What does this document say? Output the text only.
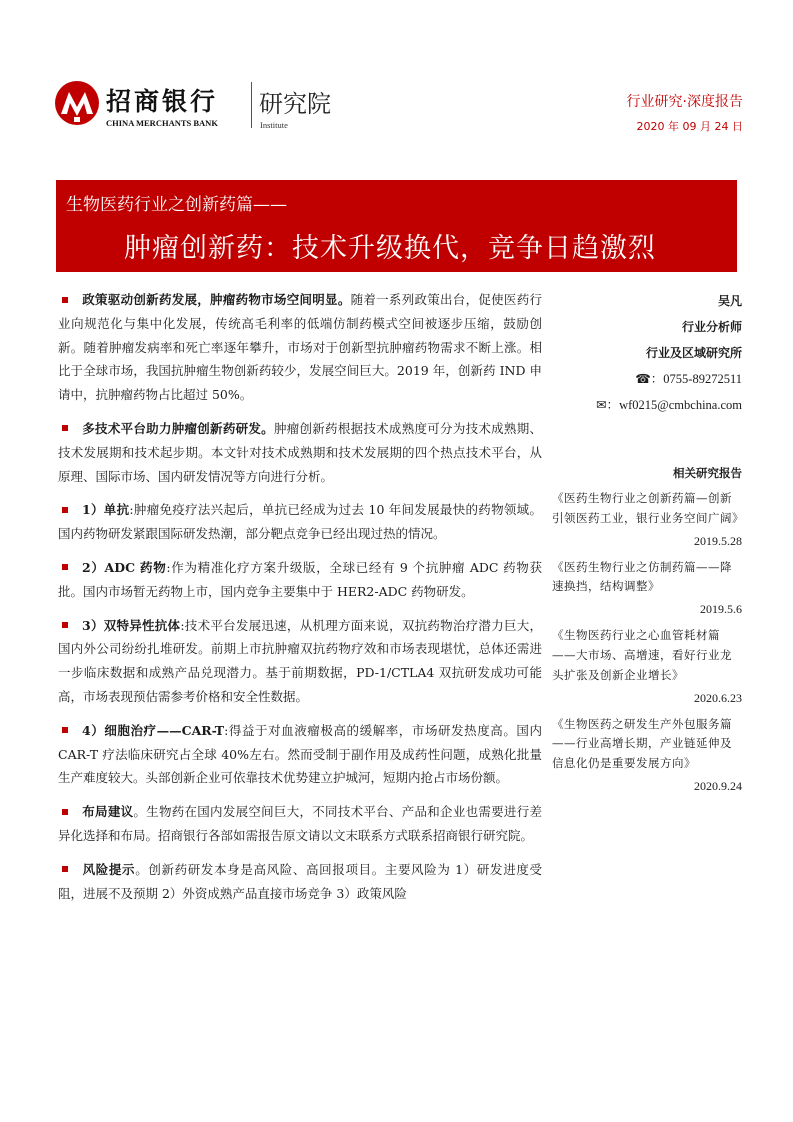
招商银行
CHINA MERCHANTS BANK
研究院
Institute
行业研究·深度报告
2020 年 09 月 24 日
生物医药行业之创新药篇——
肿瘤创新药：技术升级换代，竞争日趋激烈

政策驱动创新药发展，肿瘤药物市场空间明显。随着一系列政策出台，促使医药行业向规范化与集中化发展，传统高毛利率的低端仿制药模式空间被逐步压缩，鼓励创新。随着肿瘤发病率和死亡率逐年攀升，市场对于创新型抗肿瘤药物需求不断上涨。相比于全球市场，我国抗肿瘤生物创新药较少，发展空间巨大。2019 年，创新药 IND 申请中，抗肿瘤药物占比超过 50%。

多技术平台助力肿瘤创新药研发。肿瘤创新药根据技术成熟度可分为技术成熟期、技术发展期和技术起步期。本文针对技术成熟期和技术发展期的四个热点技术平台，从原理、国际市场、国内研发情况等方向进行分析。

1）单抗:肿瘤免疫疗法兴起后，单抗已经成为过去 10 年间发展最快的药物领域。国内药物研发紧跟国际研发热潮，部分靶点竞争已经出现过热的情况。

2）ADC 药物:作为精准化疗方案升级版，全球已经有 9 个抗肿瘤 ADC 药物获批。国内市场暂无药物上市，国内竞争主要集中于 HER2-ADC 药物研发。

3）双特异性抗体:技术平台发展迅速，从机理方面来说，双抗药物治疗潜力巨大，国内外公司纷纷扎堆研发。前期上市抗肿瘤双抗药物疗效和市场表现堪忧，总体还需进一步临床数据和成熟产品兑现潜力。基于前期数据，PD-1/CTLA4 双抗研发成功可能高，市场表现预估需参考价格和安全性数据。

4）细胞治疗——CAR-T:得益于对血液瘤极高的缓解率，市场研发热度高。国内 CAR-T 疗法临床研究占全球 40%左右。然而受制于副作用及成药性问题，成熟化批量生产难度较大。头部创新企业可依靠技术优势建立护城河，短期内抢占市场份额。

布局建议。生物药在国内发展空间巨大，不同技术平台、产品和企业也需要进行差异化选择和布局。招商银行各部如需报告原文请以文末联系方式联系招商银行研究院。

风险提示。创新药研发本身是高风险、高回报项目。主要风险为 1）研发进度受阻，进展不及预期 2）外资成熟产品直接市场竞争 3）政策风险

吴凡
行业分析师
行业及区域研究所
☎：0755-89272511
✉：wf0215@cmbchina.com
相关研究报告
《医药生物行业之创新药篇—创新引领医药工业，银行业务空间广阔》
2019.5.28
《医药生物行业之仿制药篇——降速换挡，结构调整》
2019.5.6
《生物医药行业之心血管耗材篇——大市场、高增速，看好行业龙头扩张及创新企业增长》
2020.6.23
《生物医药之研发生产外包服务篇——行业高增长期，产业链延伸及信息化仍是重要发展方向》
2020.9.24
